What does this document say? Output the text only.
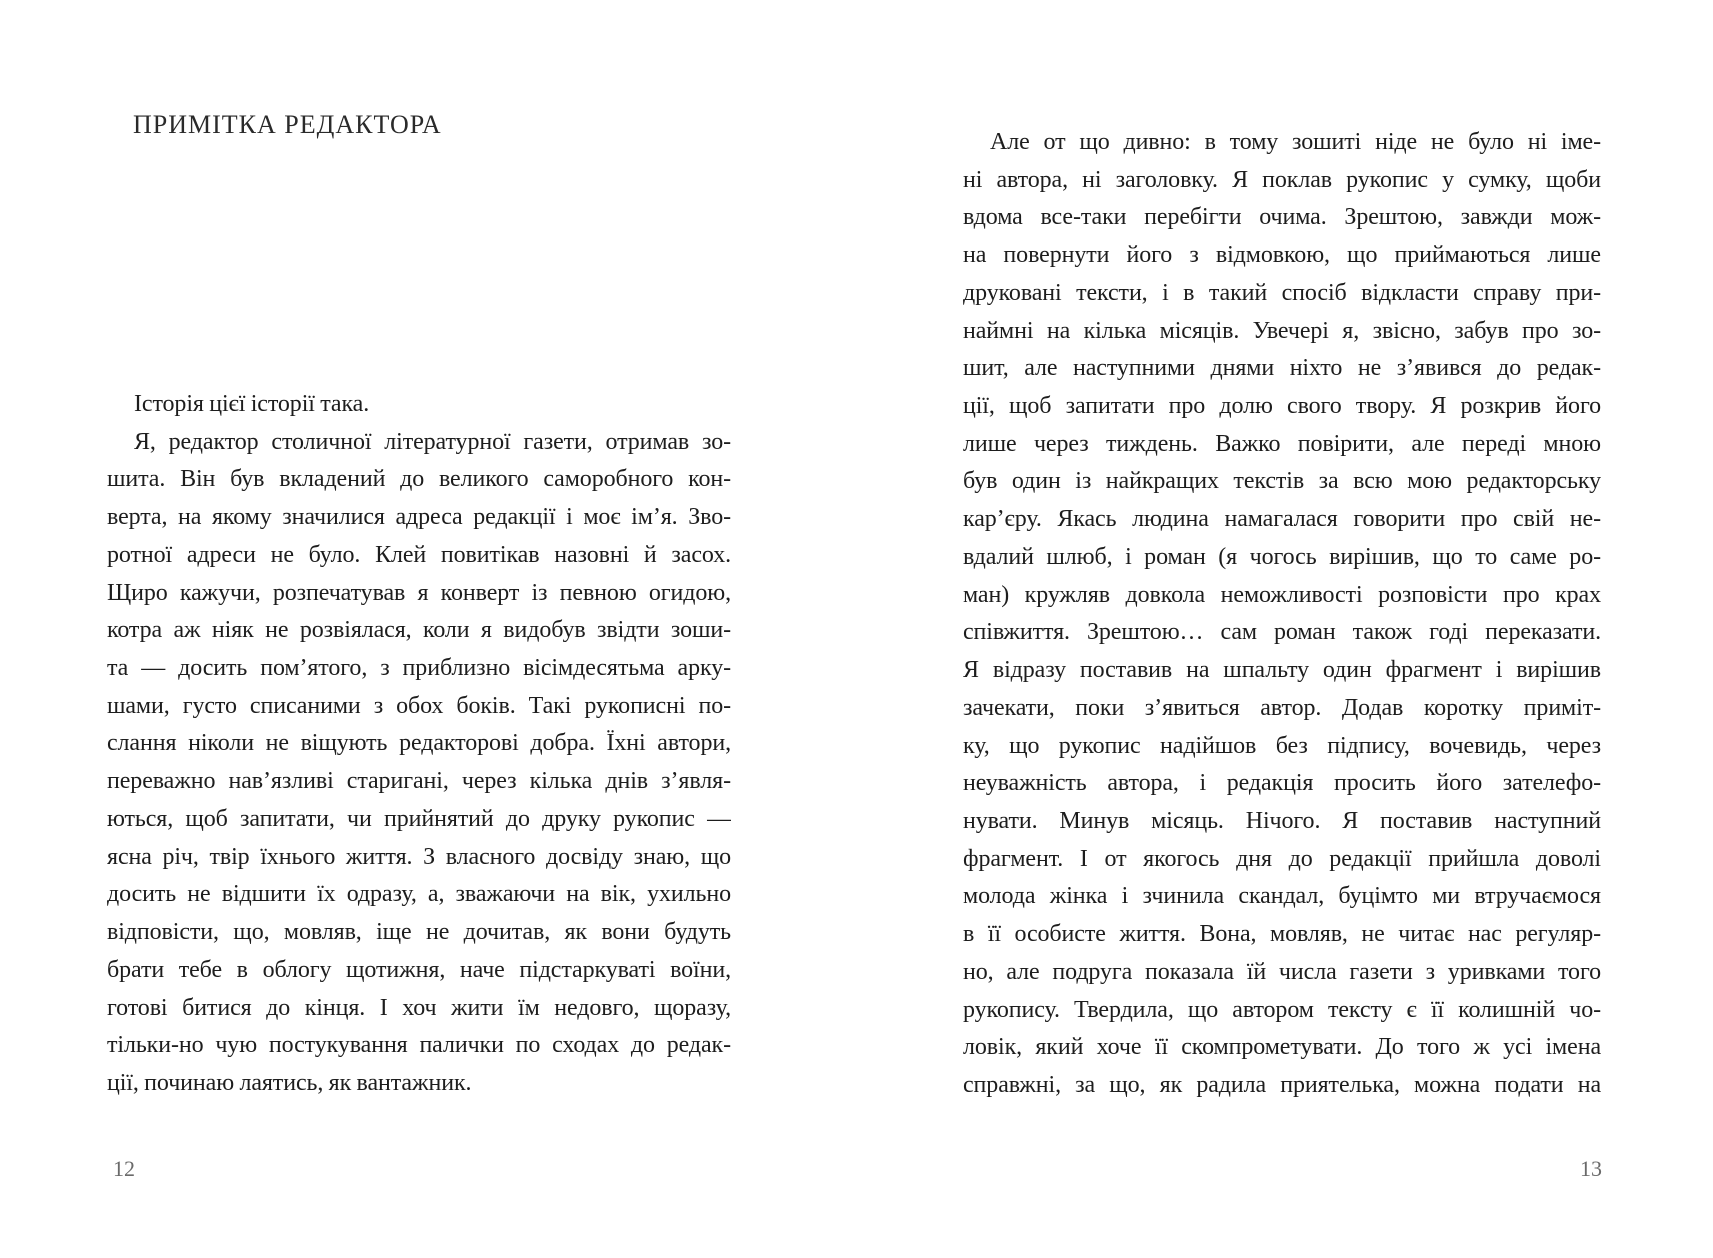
ПРИМІТКА РЕДАКТОРА
Історія цієї історії така.
Я, редактор столичної літературної газети, отримав зо-
шита. Він був вкладений до великого саморобного кон-
верта, на якому значилися адреса редакції і моє ім’я. Зво-
ротної адреси не було. Клей повитікав назовні й засох.
Щиро кажучи, розпечатував я конверт із певною огидою,
котра аж ніяк не розвіялася, коли я видобув звідти зоши-
та — досить пом’ятого, з приблизно вісімдесятьма арку-
шами, густо списаними з обох боків. Такі рукописні по-
слання ніколи не віщують редакторові добра. Їхні автори,
переважно нав’язливі старигані, через кілька днів з’явля-
ються, щоб запитати, чи прийнятий до друку рукопис —
ясна річ, твір їхнього життя. З власного досвіду знаю, що
досить не відшити їх одразу, а, зважаючи на вік, ухильно
відповісти, що, мовляв, іще не дочитав, як вони будуть
брати тебе в облогу щотижня, наче підстаркуваті воїни,
готові битися до кінця. І хоч жити їм недовго, щоразу,
тільки-но чую постукування палички по сходах до редак-
ції, починаю лаятись, як вантажник.
12
Але от що дивно: в тому зошиті ніде не було ні іме-
ні автора, ні заголовку. Я поклав рукопис у сумку, щоби
вдома все-таки перебігти очима. Зрештою, завжди мож-
на повернути його з відмовкою, що приймаються лише
друковані тексти, і в такий спосіб відкласти справу при-
наймні на кілька місяців. Увечері я, звісно, забув про зо-
шит, але наступними днями ніхто не з’явився до редак-
ції, щоб запитати про долю свого твору. Я розкрив його
лише через тиждень. Важко повірити, але переді мною
був один із найкращих текстів за всю мою редакторську
кар’єру. Якась людина намагалася говорити про свій не-
вдалий шлюб, і роман (я чогось вирішив, що то саме ро-
ман) кружляв довкола неможливості розповісти про крах
співжиття. Зрештою… сам роман також годі переказати.
Я відразу поставив на шпальту один фрагмент і вирішив
зачекати, поки з’явиться автор. Додав коротку приміт-
ку, що рукопис надійшов без підпису, вочевидь, через
неуважність автора, і редакція просить його зателефо-
нувати. Минув місяць. Нічого. Я поставив наступний
фрагмент. І от якогось дня до редакції прийшла доволі
молода жінка і зчинила скандал, буцімто ми втручаємося
в її особисте життя. Вона, мовляв, не читає нас регуляр-
но, але подруга показала їй числа газети з уривками того
рукопису. Твердила, що автором тексту є її колишній чо-
ловік, який хоче її скомпрометувати. До того ж усі імена
справжні, за що, як радила приятелька, можна подати на
13
